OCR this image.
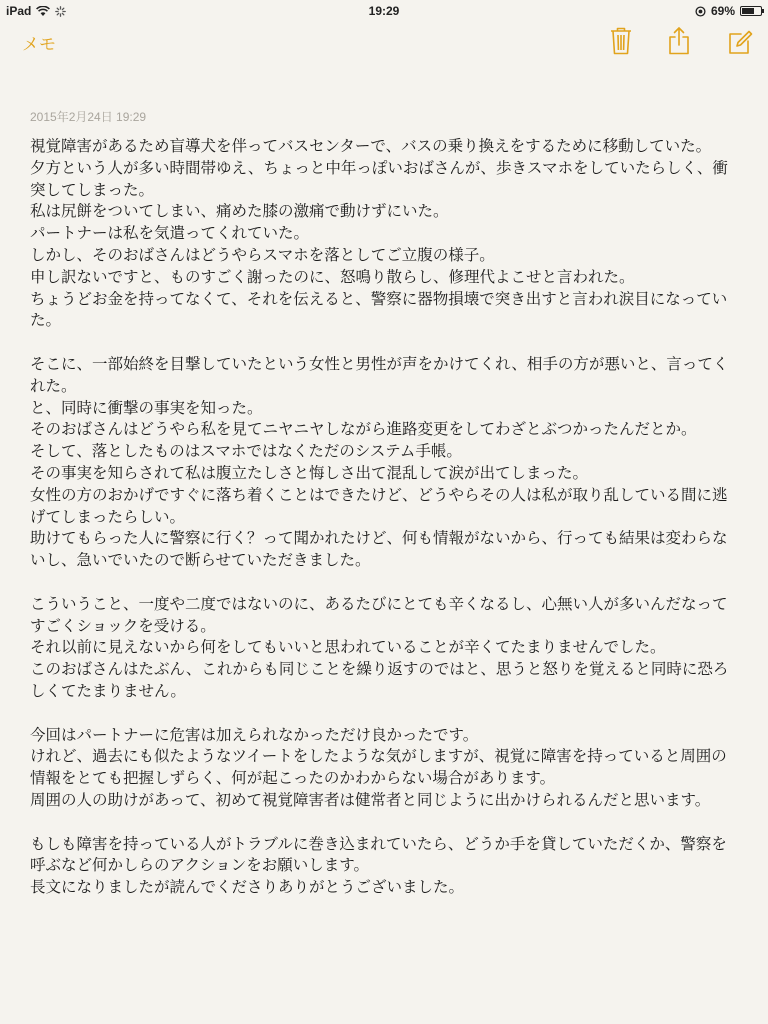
iPad	19:29	69%
メモ
2015年2月24日 19:29
視覚障害があるため盲導犬を伴ってバスセンターで、バスの乗り換えをするために移動していた。
夕方という人が多い時間帯ゆえ、ちょっと中年っぽいおばさんが、歩きスマホをしていたらしく、衝突してしまった。
私は尻餅をついてしまい、痛めた膝の激痛で動けずにいた。
パートナーは私を気遣ってくれていた。
しかし、そのおばさんはどうやらスマホを落としてご立腹の様子。
申し訳ないですと、ものすごく謝ったのに、怒鳴り散らし、修理代よこせと言われた。
ちょうどお金を持ってなくて、それを伝えると、警察に器物損壊で突き出すと言われ涙目になっていた。

そこに、一部始終を目撃していたという女性と男性が声をかけてくれ、相手の方が悪いと、言ってくれた。
と、同時に衝撃の事実を知った。
そのおばさんはどうやら私を見てニヤニヤしながら進路変更をしてわざとぶつかったんだとか。
そして、落としたものはスマホではなくただのシステム手帳。
その事実を知らされて私は腹立たしさと悔しさ出て混乱して涙が出てしまった。
女性の方のおかげですぐに落ち着くことはできたけど、どうやらその人は私が取り乱している間に逃げてしまったらしい。
助けてもらった人に警察に行く？って聞かれたけど、何も情報がないから、行っても結果は変わらないし、急いでいたので断らせていただきました。

こういうこと、一度や二度ではないのに、あるたびにとても辛くなるし、心無い人が多いんだなってすごくショックを受ける。
それ以前に見えないから何をしてもいいと思われていることが辛くてたまりませんでした。
このおばさんはたぶん、これからも同じことを繰り返すのではと、思うと怒りを覚えると同時に恐ろしくてたまりません。

今回はパートナーに危害は加えられなかっただけ良かったです。
けれど、過去にも似たようなツイートをしたような気がしますが、視覚に障害を持っていると周囲の情報をとても把握しずらく、何が起こったのかわからない場合があります。
周囲の人の助けがあって、初めて視覚障害者は健常者と同じように出かけられるんだと思います。

もしも障害を持っている人がトラブルに巻き込まれていたら、どうか手を貸していただくか、警察を呼ぶなど何かしらのアクションをお願いします。
長文になりましたが読んでくださりありがとうございました。
